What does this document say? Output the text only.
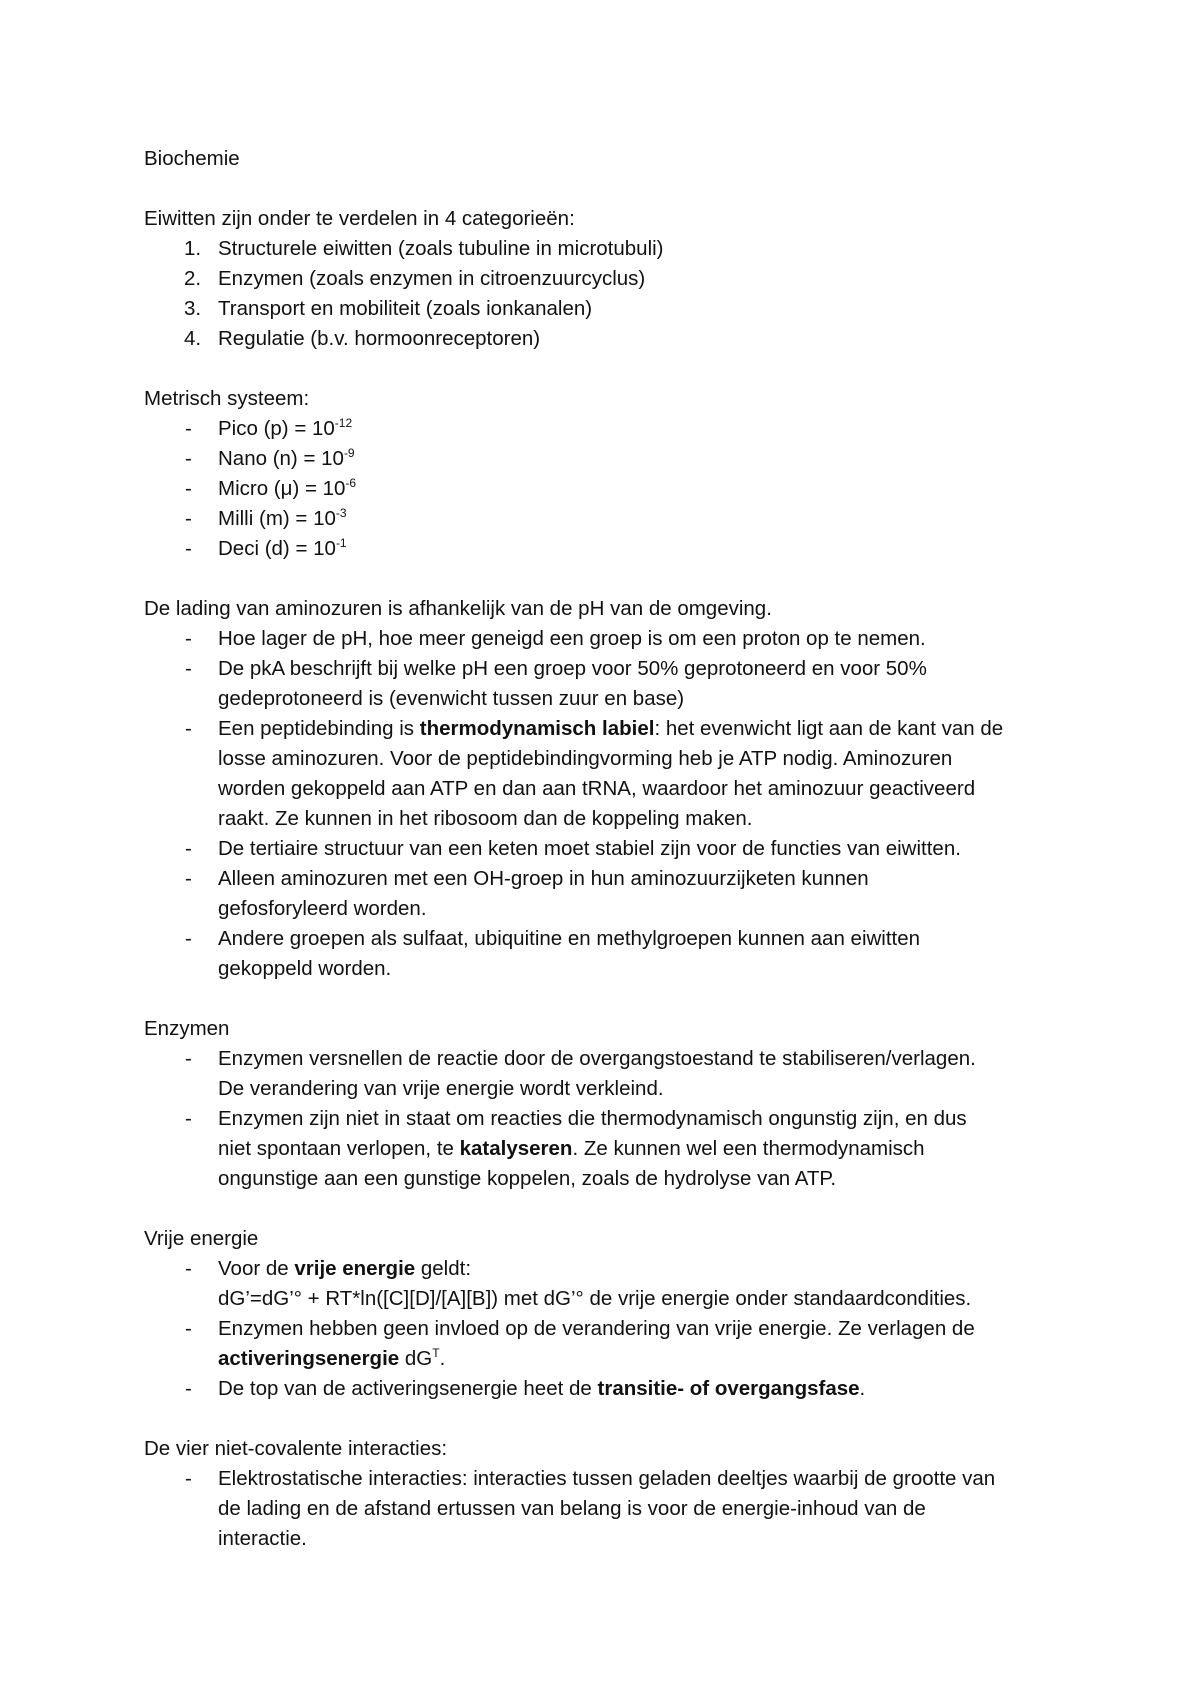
Biochemie
Eiwitten zijn onder te verdelen in 4 categorieën:
1. Structurele eiwitten (zoals tubuline in microtubuli)
2. Enzymen (zoals enzymen in citroenzuurcyclus)
3. Transport en mobiliteit (zoals ionkanalen)
4. Regulatie (b.v. hormoonreceptoren)
Metrisch systeem:
- Pico $(p) = 10^{-12}$
- Nano $(n) = 10^{-9}$
- Micro $(\mu) = 10^{-6}$
- Milli $(m) = 10^{-3}$
- Deci $(d) = 10^{-1}$
De lading van aminozuren is afhankelijk van de pH van de omgeving.
- Hoe lager de pH, hoe meer geneigd een groep is om een proton op te nemen.
- De pkA beschrijft bij welke pH een groep voor 50% geprotoneerd en voor 50%
gedeprotoneerd is (evenwicht tussen zuur en base)
- Een peptidebinding is thermodynamisch labiel: het evenwicht ligt aan de kant van de
losse aminozuren. Voor de peptidebindingvorming heb je ATP nodig. Aminozuren
worden gekoppeld aan ATP en dan aan tRNA, waardoor het aminozuur geactiveerd
raakt. Ze kunnen in het ribosoom dan de koppeling maken.
- De tertiaire structuur van een keten moet stabiel zijn voor de functies van eiwitten.
- Alleen aminozuren met een OH-groep in hun aminozuurzijketen kunnen
gefosforyleerd worden.
- Andere groepen als sulfaat, ubiquitine en methylgroepen kunnen aan eiwitten
gekoppeld worden.
Enzymen
- Enzymen versnellen de reactie door de overgangstoestand te stabiliseren/verlagen.
De verandering van vrije energie wordt verkleind.
- Enzymen zijn niet in staat om reacties die thermodynamisch ongunstig zijn, en dus
niet spontaan verlopen, te katalyseren. Ze kunnen wel een thermodynamisch
ongunstige aan een gunstige koppelen, zoals de hydrolyse van ATP.
Vrije energie
- Voor de vrije energie geldt:
dG’=dG’° + RT*ln([C][D]/[A][B]) met dG’° de vrije energie onder standaardcondities.
- Enzymen hebben geen invloed op de verandering van vrije energie. Ze verlagen de
activeringsenergie $dG^T$.
- De top van de activeringsenergie heet de transitie- of overgangsfase.
De vier niet-covalente interacties:
- Elektrostatische interacties: interacties tussen geladen deeltjes waarbij de grootte van
de lading en de afstand ertussen van belang is voor de energie-inhoud van de
interactie.
